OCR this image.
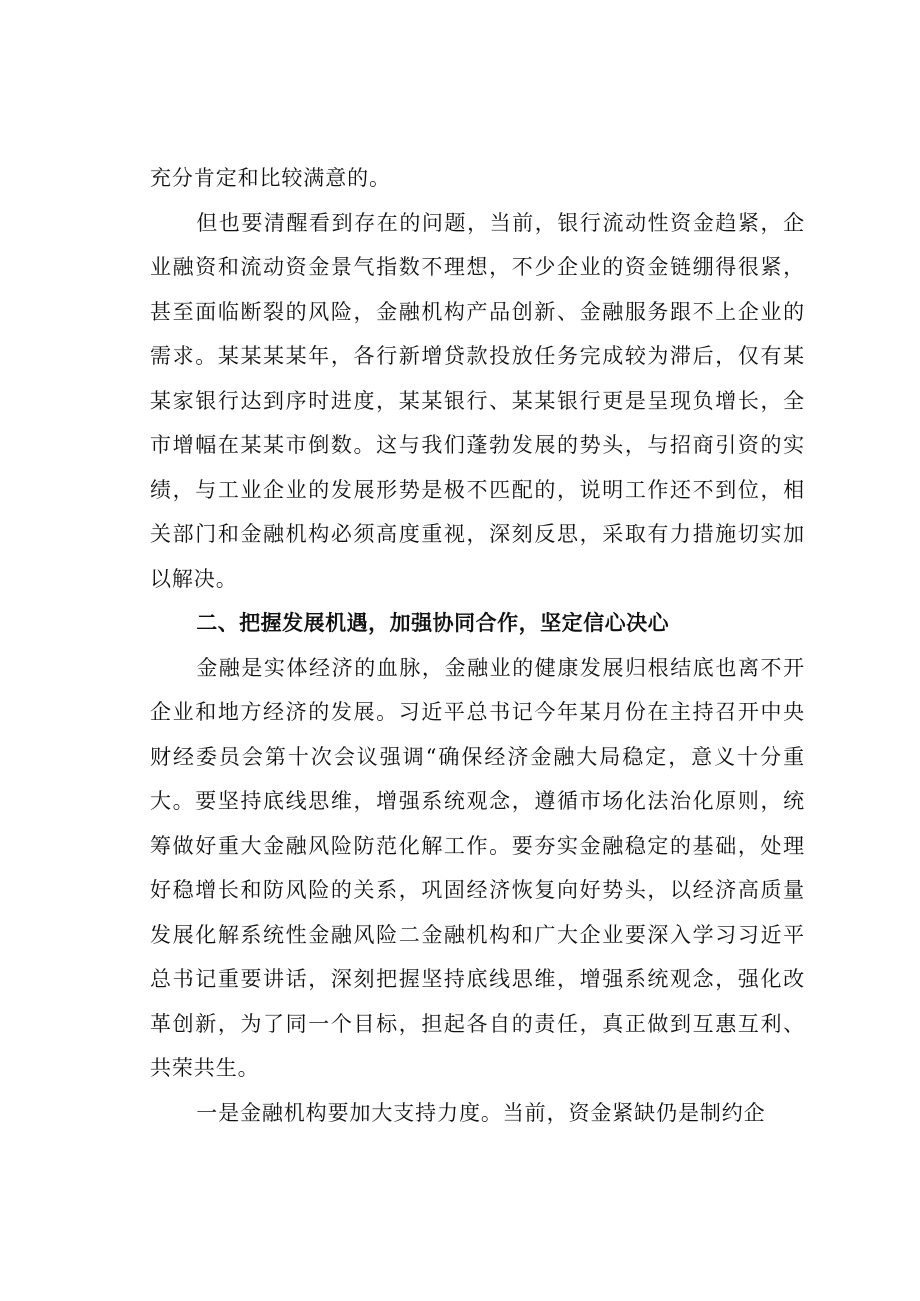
充分肯定和比较满意的。

但也要清醒看到存在的问题，当前，银行流动性资金趋紧，企业融资和流动资金景气指数不理想，不少企业的资金链绷得很紧，甚至面临断裂的风险，金融机构产品创新、金融服务跟不上企业的需求。某某某某年，各行新增贷款投放任务完成较为滞后，仅有某某家银行达到序时进度，某某银行、某某银行更是呈现负增长，全市增幅在某某市倒数。这与我们蓬勃发展的势头，与招商引资的实绩，与工业企业的发展形势是极不匹配的，说明工作还不到位，相关部门和金融机构必须高度重视，深刻反思，采取有力措施切实加以解决。

二、把握发展机遇，加强协同合作，坚定信心决心

金融是实体经济的血脉，金融业的健康发展归根结底也离不开企业和地方经济的发展。习近平总书记今年某月份在主持召开中央财经委员会第十次会议强调“确保经济金融大局稳定，意义十分重大。要坚持底线思维，增强系统观念，遵循市场化法治化原则，统筹做好重大金融风险防范化解工作。要夯实金融稳定的基础，处理好稳增长和防风险的关系，巩固经济恢复向好势头，以经济高质量发展化解系统性金融风险二金融机构和广大企业要深入学习习近平总书记重要讲话，深刻把握坚持底线思维，增强系统观念，强化改革创新，为了同一个目标，担起各自的责任，真正做到互惠互利、共荣共生。

一是金融机构要加大支持力度。当前，资金紧缺仍是制约企
